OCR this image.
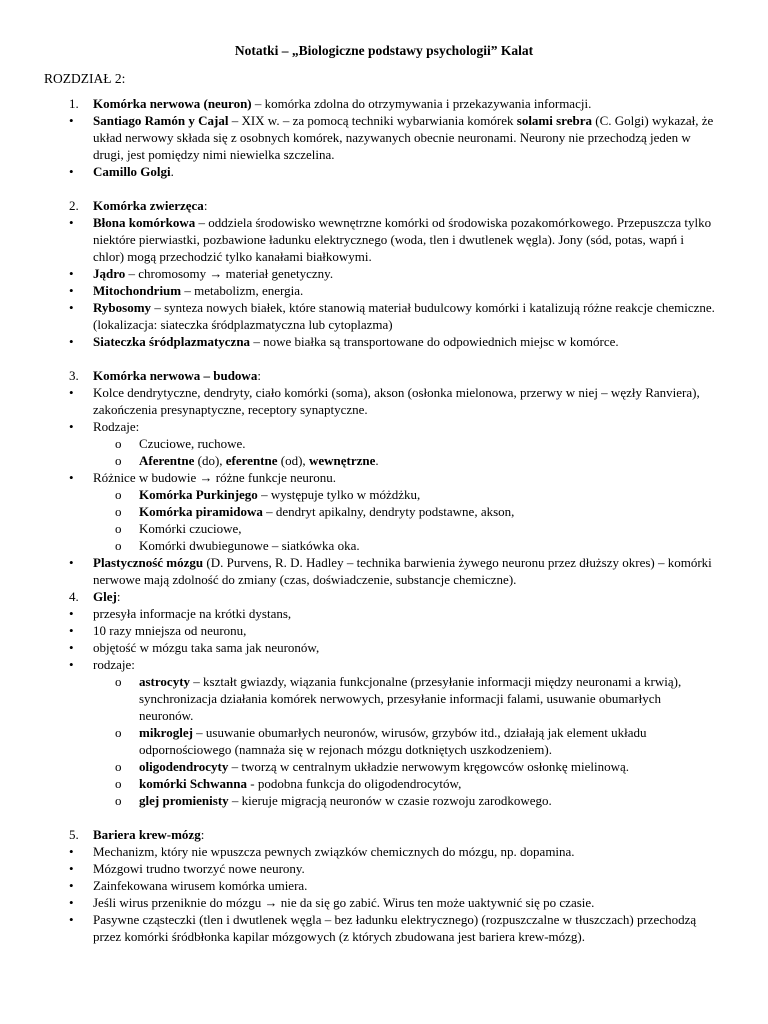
Notatki – „Biologiczne podstawy psychologii” Kalat
ROZDZIAŁ 2:
1. Komórka nerwowa (neuron) – komórka zdolna do otrzymywania i przekazywania informacji.
• Santiago Ramón y Cajal – XIX w. – za pomocą techniki wybarwiania komórek solami srebra (C. Golgi) wykazał, że układ nerwowy składa się z osobnych komórek, nazywanych obecnie neuronami. Neurony nie przechodzą jeden w drugi, jest pomiędzy nimi niewielka szczelina.
• Camillo Golgi.
2. Komórka zwierzęca:
• Błona komórkowa – oddziela środowisko wewnętrzne komórki od środowiska pozakomórkowego. Przepuszcza tylko niektóre pierwiastki, pozbawione ładunku elektrycznego (woda, tlen i dwutlenek węgla). Jony (sód, potas, wapń i chlor) mogą przechodzić tylko kanałami białkowymi.
• Jądro – chromosomy → materiał genetyczny.
• Mitochondrium – metabolizm, energia.
• Rybosomy – synteza nowych białek, które stanowią materiał budulcowy komórki i katalizują różne reakcje chemiczne. (lokalizacja: siateczka śródplazmatyczna lub cytoplazma)
• Siateczka śródplazmatyczna – nowe białka są transportowane do odpowiednich miejsc w komórce.
3. Komórka nerwowa – budowa:
• Kolce dendrytyczne, dendryty, ciało komórki (soma), akson (osłonka mielonowa, przerwy w niej – węzły Ranviera), zakończenia presynaptyczne, receptory synaptyczne.
• Rodzaje:
o Czuciowe, ruchowe.
o Aferentne (do), eferentne (od), wewnętrzne.
• Różnice w budowie → różne funkcje neuronu.
o Komórka Purkinjego – występuje tylko w móżdżku,
o Komórka piramidowa – dendryt apikalny, dendryty podstawne, akson,
o Komórki czuciowe,
o Komórki dwubiegunowe – siatkówka oka.
• Plastyczność mózgu (D. Purvens, R. D. Hadley – technika barwienia żywego neuronu przez dłuższy okres) – komórki nerwowe mają zdolność do zmiany (czas, doświadczenie, substancje chemiczne).
4. Glej:
• przesyła informacje na krótki dystans,
• 10 razy mniejsza od neuronu,
• objętość w mózgu taka sama jak neuronów,
• rodzaje:
o astrocyty – kształt gwiazdy, wiązania funkcjonalne (przesyłanie informacji między neuronami a krwią), synchronizacja działania komórek nerwowych, przesyłanie informacji falami, usuwanie obumarłych neuronów.
o mikroglej – usuwanie obumarłych neuronów, wirusów, grzybów itd., działają jak element układu odpornościowego (namnaża się w rejonach mózgu dotkniętych uszkodzeniem).
o oligodendrocyty – tworzą w centralnym układzie nerwowym kręgowców osłonkę mielinową.
o komórki Schwanna - podobna funkcja do oligodendrocytów,
o glej promienisty – kieruje migracją neuronów w czasie rozwoju zarodkowego.
5. Bariera krew-mózg:
• Mechanizm, który nie wpuszcza pewnych związków chemicznych do mózgu, np. dopamina.
• Mózgowi trudno tworzyć nowe neurony.
• Zainfekowana wirusem komórka umiera.
• Jeśli wirus przeniknie do mózgu → nie da się go zabić. Wirus ten może uaktywnić się po czasie.
• Pasywne cząsteczki (tlen i dwutlenek węgla – bez ładunku elektrycznego) (rozpuszczalne w tłuszczach) przechodzą przez komórki śródbłonka kapilar mózgowych (z których zbudowana jest bariera krew-mózg).
